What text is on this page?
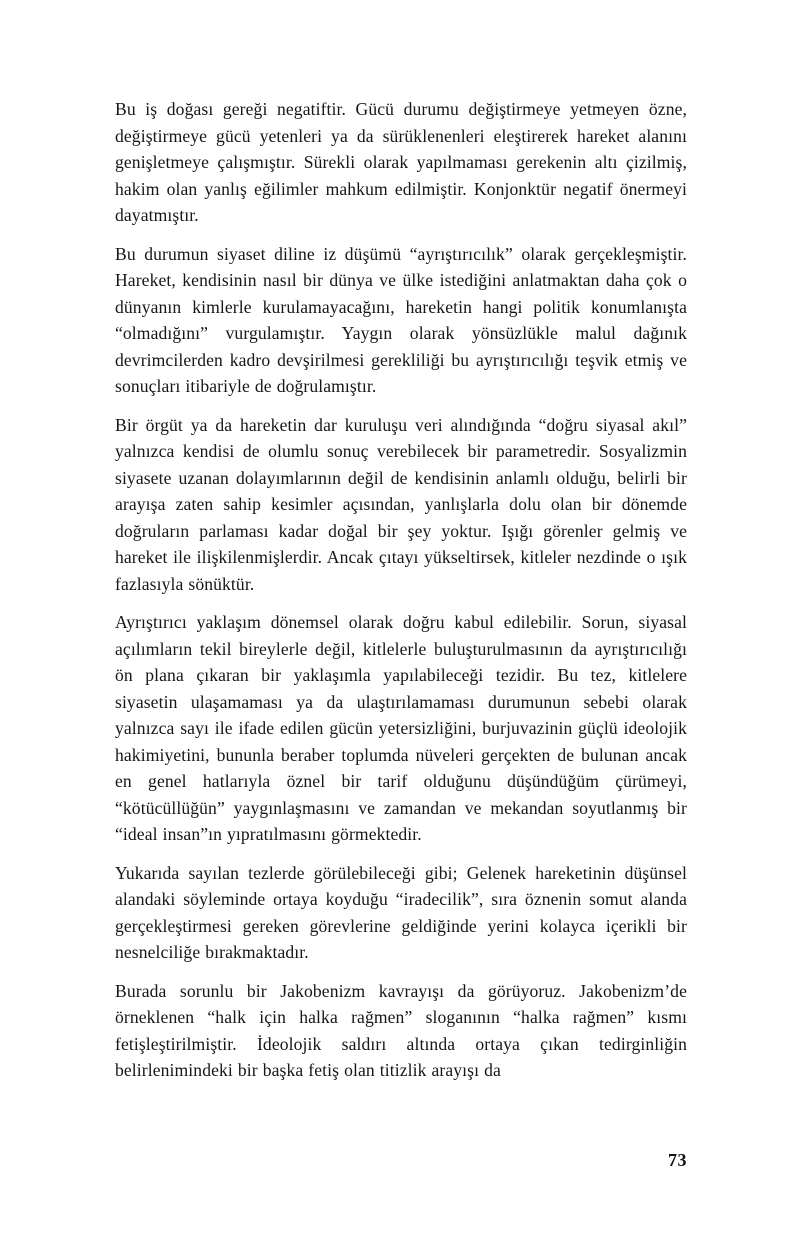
Bu iş doğası gereği negatiftir. Gücü durumu değiştirmeye yetmeyen özne, değiştirmeye gücü yetenleri ya da sürüklenenleri eleştirerek hareket alanını genişletmeye çalışmıştır. Sürekli olarak yapılmaması gerekenin altı çizilmiş, hakim olan yanlış eğilimler mahkum edilmiştir. Konjonktür negatif önermeyi dayatmıştır.

Bu durumun siyaset diline iz düşümü “ayrıştırıcılık” olarak gerçekleşmiştir. Hareket, kendisinin nasıl bir dünya ve ülke istediğini anlatmaktan daha çok o dünyanın kimlerle kurulamayacağını, hareketin hangi politik konumlanışta “olmadığını” vurgulamıştır. Yaygın olarak yönsüzlükle malul dağınık devrimcilerden kadro devşirilmesi gerekliliği bu ayrıştırıcılığı teşvik etmiş ve sonuçları itibariyle de doğrulamıştır.

Bir örgüt ya da hareketin dar kuruluşu veri alındığında “doğru siyasal akıl” yalnızca kendisi de olumlu sonuç verebilecek bir parametredir. Sosyalizmin siyasete uzanan dolayımlarının değil de kendisinin anlamlı olduğu, belirli bir arayışa zaten sahip kesimler açısından, yanlışlarla dolu olan bir dönemde doğruların parlaması kadar doğal bir şey yoktur. Işığı görenler gelmiş ve hareket ile ilişkilenmişlerdir. Ancak çıtayı yükseltirsek, kitleler nezdinde o ışık fazlasıyla sönüktür.

Ayrıştırıcı yaklaşım dönemsel olarak doğru kabul edilebilir. Sorun, siyasal açılımların tekil bireylerle değil, kitlelerle buluşturulmasının da ayrıştırıcılığı ön plana çıkaran bir yaklaşımla yapılabileceği tezidir. Bu tez, kitlelere siyasetin ulaşamaması ya da ulaştırılamaması durumunun sebebi olarak yalnızca sayı ile ifade edilen gücün yetersizliğini, burjuvazinin güçlü ideolojik hakimiyetini, bununla beraber toplumda nüveleri gerçekten de bulunan ancak en genel hatlarıyla öznel bir tarif olduğunu düşündüğüm çürümeyi, “kötücüllüğün” yaygınlaşmasını ve zamandan ve mekandan soyutlanmış bir “ideal insan”ın yıpratılmasını görmektedir.

Yukarıda sayılan tezlerde görülebileceği gibi; Gelenek hareketinin düşünsel alandaki söyleminde ortaya koyduğu “iradecilik”, sıra öznenin somut alanda gerçekleştirmesi gereken görevlerine geldiğinde yerini kolayca içerikli bir nesnelciliğe bırakmaktadır.

Burada sorunlu bir Jakobenizm kavrayışı da görüyoruz. Jakobenizm’de örneklenen “halk için halka rağmen” sloganının “halka rağmen” kısmı fetişleştirilmiştir. İdeolojik saldırı altında ortaya çıkan tedirginliğin belirlenimindeki bir başka fetiş olan titizlik arayışı da

73
